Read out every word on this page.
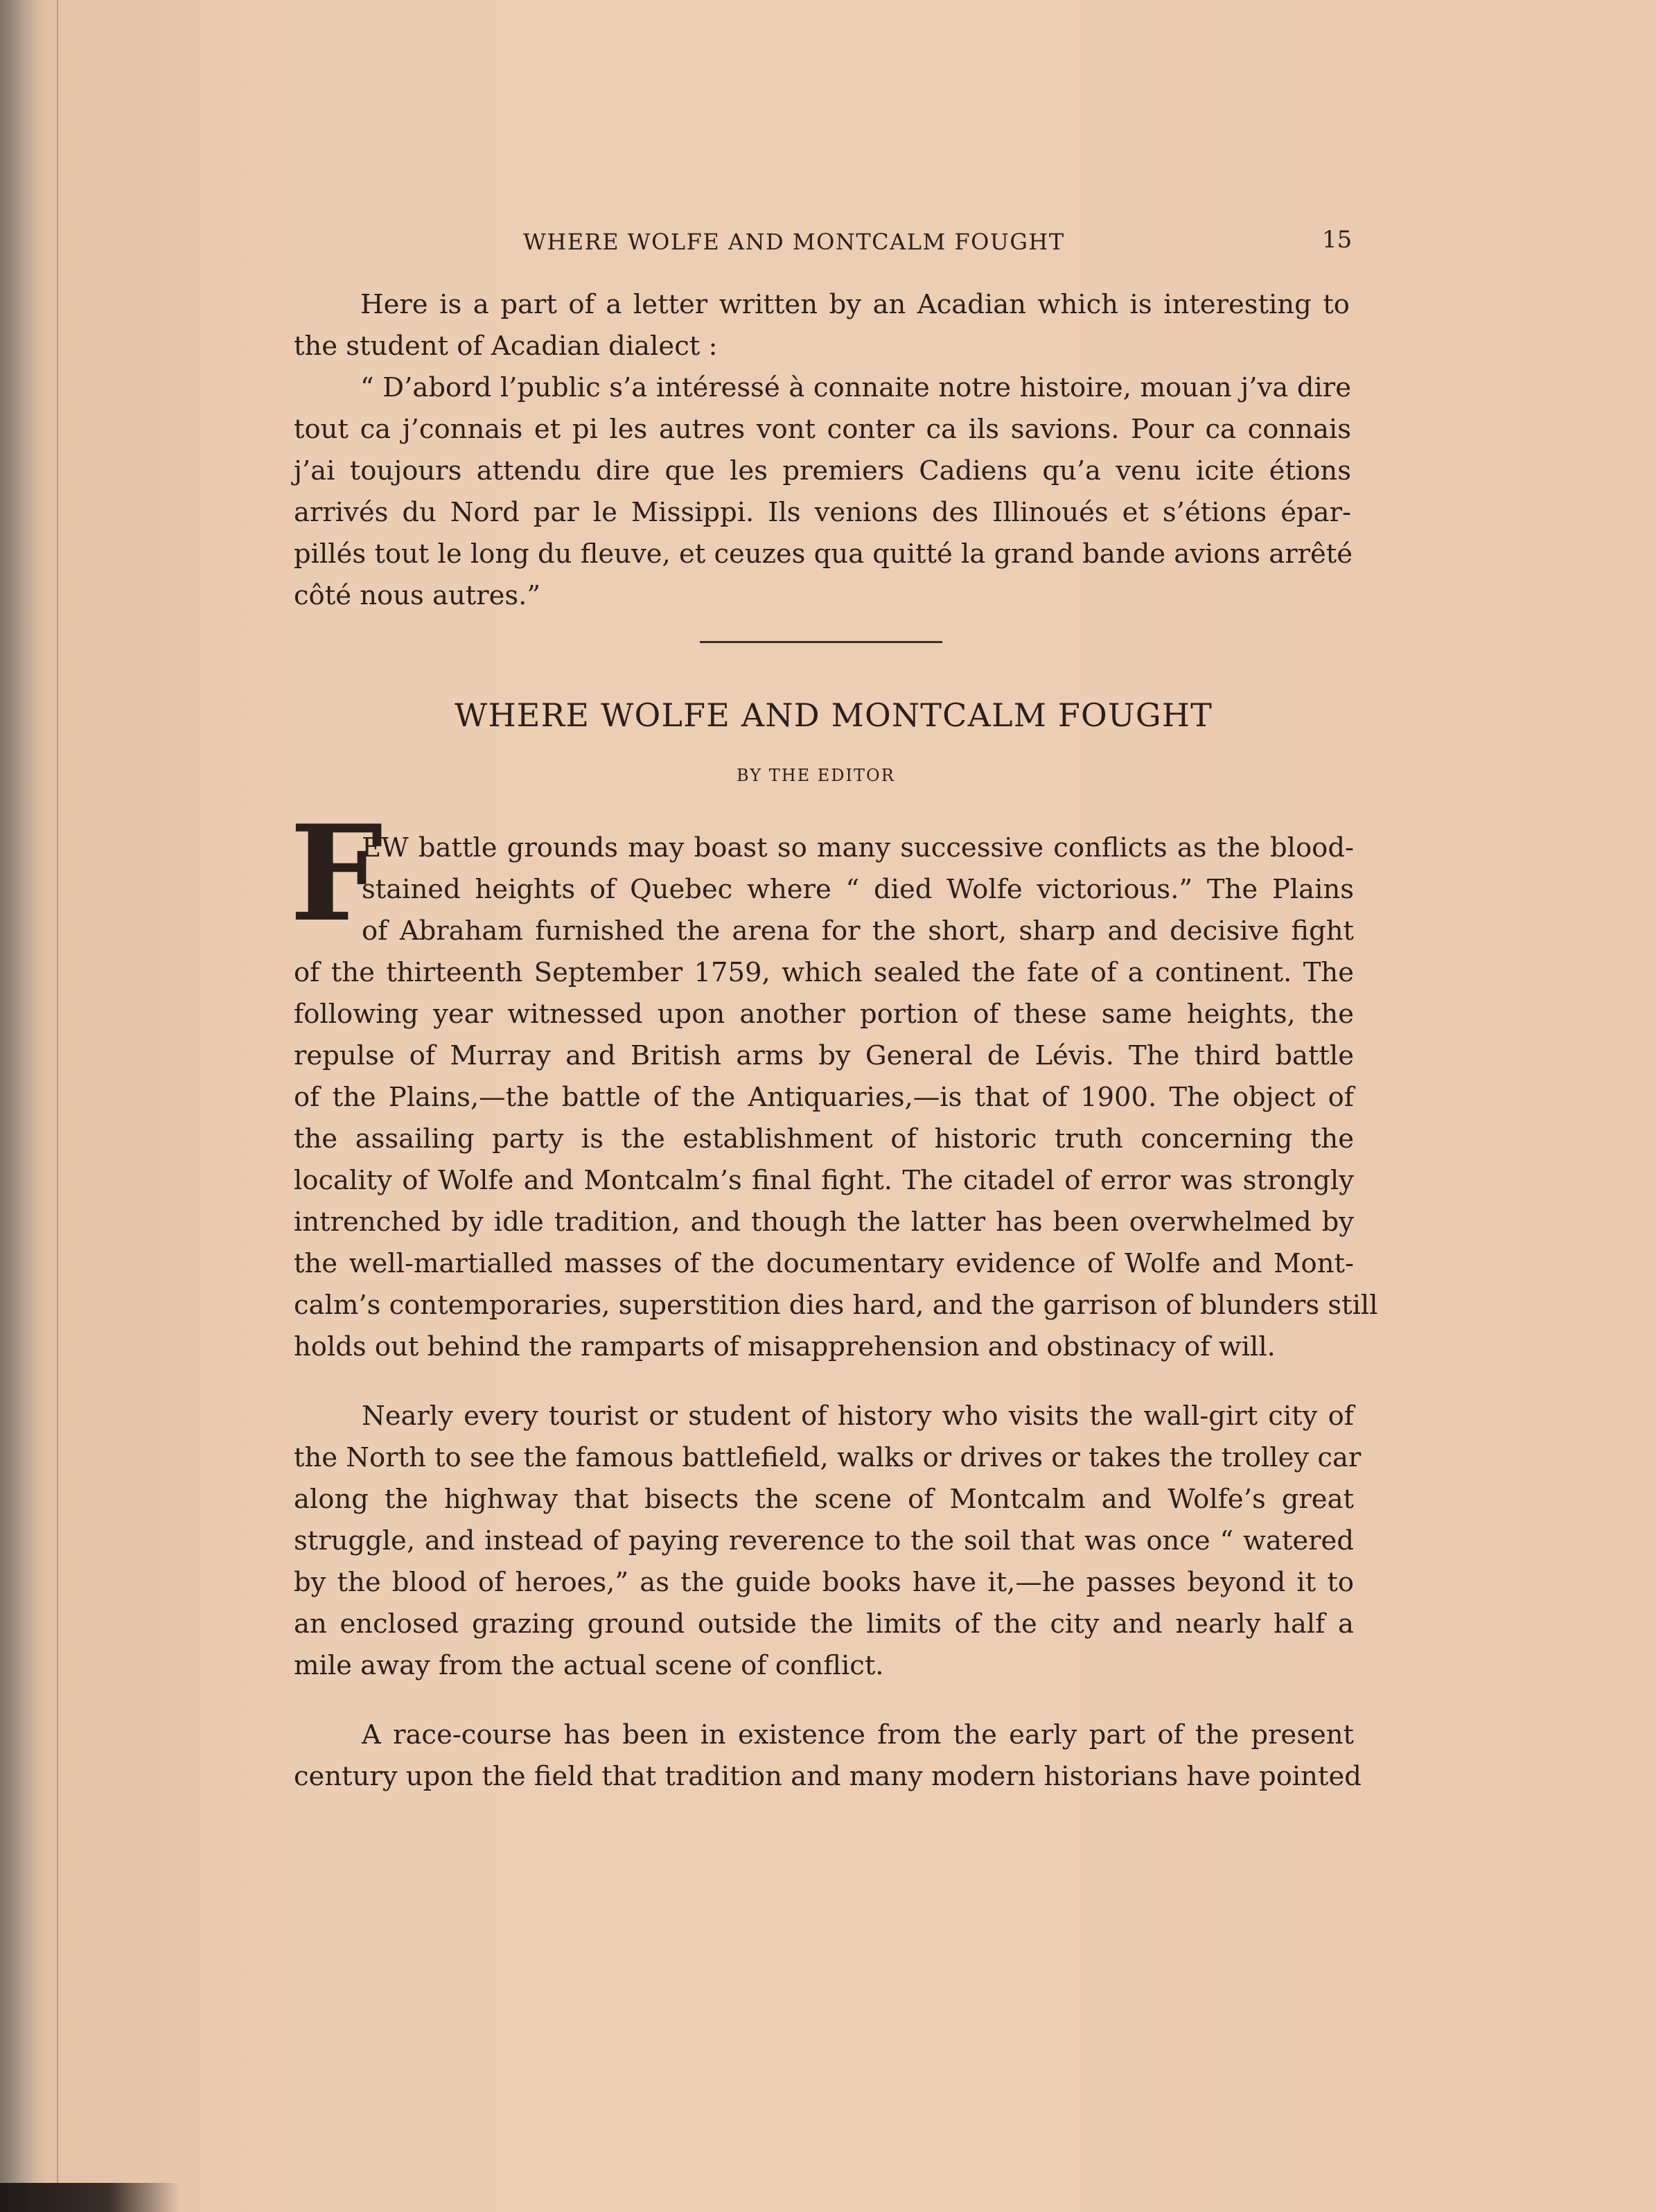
WHERE WOLFE AND MONTCALM FOUGHT	15
Here is a part of a letter written by an Acadian which is interesting to
the student of Acadian dialect :
“ D’abord l’public s’a intéressé à connaite notre histoire, mouan j’va dire
tout ca j’connais et pi les autres vont conter ca ils savions. Pour ca connais
j’ai toujours attendu dire que les premiers Cadiens qu’a venu icite étions
arrivés du Nord par le Missippi. Ils venions des Illinoués et s’étions épar-
pillés tout le long du fleuve, et ceuzes qua quitté la grand bande avions arrêté
côté nous autres.”
WHERE WOLFE AND MONTCALM FOUGHT
BY THE EDITOR
F
EW battle grounds may boast so many successive conflicts as the blood-
stained heights of Quebec where “ died Wolfe victorious.” The Plains
of Abraham furnished the arena for the short, sharp and decisive fight
of the thirteenth September 1759, which sealed the fate of a continent. The
following year witnessed upon another portion of these same heights, the
repulse of Murray and British arms by General de Lévis. The third battle
of the Plains,—the battle of the Antiquaries,—is that of 1900. The object of
the assailing party is the establishment of historic truth concerning the
locality of Wolfe and Montcalm’s final fight. The citadel of error was strongly
intrenched by idle tradition, and though the latter has been overwhelmed by
the well-martialled masses of the documentary evidence of Wolfe and Mont-
calm’s contemporaries, superstition dies hard, and the garrison of blunders still
holds out behind the ramparts of misapprehension and obstinacy of will.
Nearly every tourist or student of history who visits the wall-girt city of
the North to see the famous battlefield, walks or drives or takes the trolley car
along the highway that bisects the scene of Montcalm and Wolfe’s great
struggle, and instead of paying reverence to the soil that was once “ watered
by the blood of heroes,” as the guide books have it,—he passes beyond it to
an enclosed grazing ground outside the limits of the city and nearly half a
mile away from the actual scene of conflict.
A race-course has been in existence from the early part of the present
century upon the field that tradition and many modern historians have pointed
